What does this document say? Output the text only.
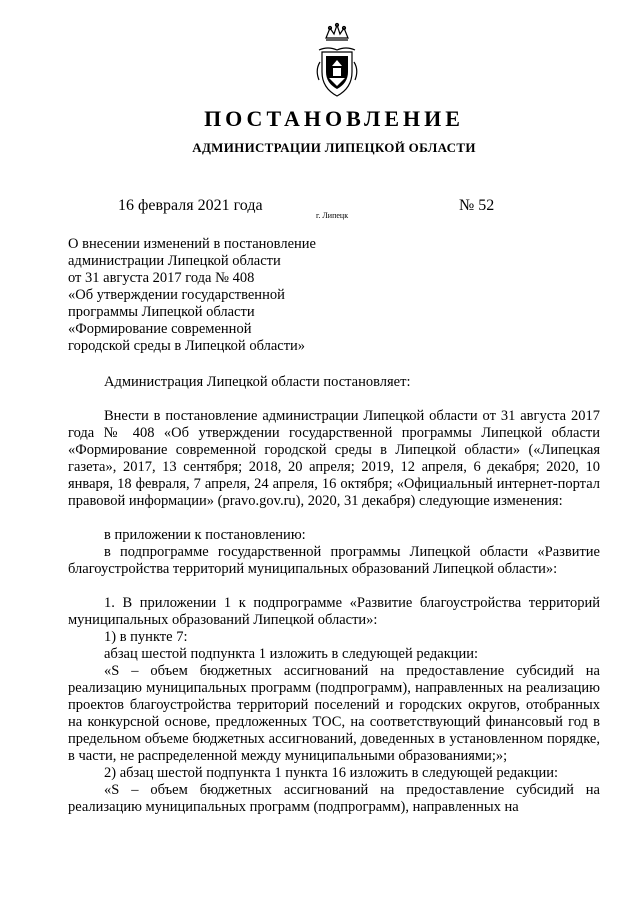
ПОСТАНОВЛЕНИЕ
АДМИНИСТРАЦИИ ЛИПЕЦКОЙ ОБЛАСТИ
16 февраля 2021 года
г. Липецк
№ 52
О внесении изменений в постановление
администрации Липецкой области
от 31 августа 2017 года № 408
«Об утверждении государственной
программы Липецкой области
«Формирование современной
городской среды в Липецкой области»

Администрация Липецкой области постановляет:

Внести в постановление администрации Липецкой области от 31 августа 2017 года № 408 «Об утверждении государственной программы Липецкой области «Формирование современной городской среды в Липецкой области» («Липецкая газета», 2017, 13 сентября; 2018, 20 апреля; 2019, 12 апреля, 6 декабря; 2020, 10 января, 18 февраля, 7 апреля, 24 апреля, 16 октября; «Официальный интернет-портал правовой информации» (pravo.gov.ru), 2020, 31 декабря) следующие изменения:

в приложении к постановлению:

в подпрограмме государственной программы Липецкой области «Развитие благоустройства территорий муниципальных образований Липецкой области»:

1. В приложении 1 к подпрограмме «Развитие благоустройства территорий муниципальных образований Липецкой области»:

1) в пункте 7:

абзац шестой подпункта 1 изложить в следующей редакции:

«S – объем бюджетных ассигнований на предоставление субсидий на реализацию муниципальных программ (подпрограмм), направленных на реализацию проектов благоустройства территорий поселений и городских округов, отобранных на конкурсной основе, предложенных ТОС, на соответствующий финансовый год в предельном объеме бюджетных ассигнований, доведенных в установленном порядке, в части, не распределенной между муниципальными образованиями;»;

2) абзац шестой подпункта 1 пункта 16 изложить в следующей редакции:

«S – объем бюджетных ассигнований на предоставление субсидий на реализацию муниципальных программ (подпрограмм), направленных на
